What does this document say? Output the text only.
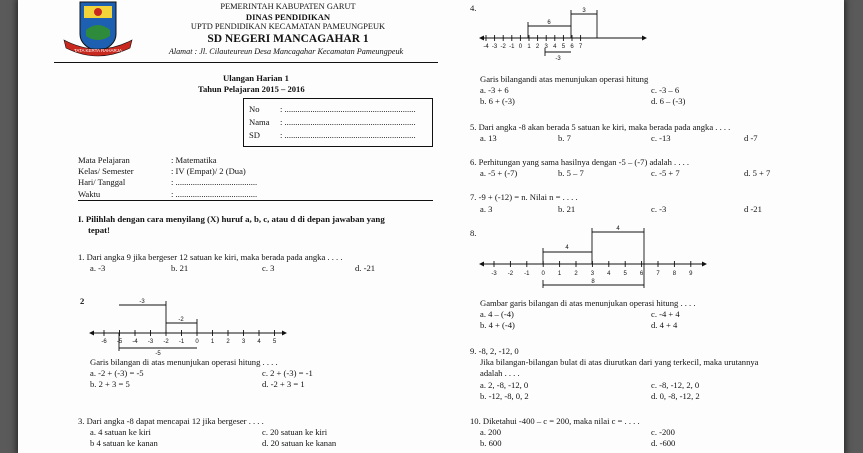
TATA KERTA RAHARJA
PEMERINTAH KABUPATEN GARUT
DINAS PENDIDIKAN
UPTD PENDIDIKAN KECAMATAN PAMEUNGPEUK
SD NEGERI MANCAGAHAR 1
Alamat : Jl. Cilauteureun Desa Mancagahar Kecamatan Pameungpeuk
Ulangan Harian 1
Tahun Pelajaran 2015 – 2016
No : .............................................................
Nama : .............................................................
SD : .............................................................
Mata Pelajaran	: Matematika
Kelas/ Semester	: IV (Empat)/ 2 (Dua)
Hari/ Tanggal	: ......................................
Waktu	: ......................................
I. Pilihlah dengan cara menyilang (X) huruf a, b, c, atau d di depan jawaban yang
tepat!
1. Dari angka 9 jika bergeser 12 satuan ke kiri, maka berada pada angka . . . .
a. -3	b. 21	c. 3	d. -21
2
-6 -5 -4 -3 -2 -1 0 1 2 3 4 5
-3
-2
-5
Garis bilangan di atas menunjukan operasi hitung . . . .
a. -2 + (-3) = -5	c. 2 + (-3) = -1
b. 2 + 3 = 5	d. -2 + 3 = 1
3. Dari angka -8 dapat mencapai 12 jika bergeser . . . .
a. 4 satuan ke kiri	c. 20 satuan ke kiri
b 4 satuan ke kanan	d. 20 satuan ke kanan
4.
-4 -3 -2 -1 0 1 2 3 4 5 6 7
3
6
-3
Garis bilangandi atas menunjukan operasi hitung
a. -3 + 6	c. -3 – 6
b. 6 + (-3)	d. 6 – (-3)
5. Dari angka -8 akan berada 5 satuan ke kiri, maka berada pada angka . . . .
a. 13	b. 7	c. -13	d -7
6. Perhitungan yang sama hasilnya dengan -5 – (-7) adalah . . . .
a. -5 + (-7)	b. 5 – 7	c. -5 + 7	d. 5 + 7
7. -9 + (-12) = n. Nilai n = . . . .
a. 3	b. 21	c. -3	d -21
8.
-3 -2 -1 0 1 2 3 4 5 6 7 8 9
4
4
8
Gambar garis bilangan di atas menunjukan operasi hitung . . . .
a. 4 – (-4)	c. -4 + 4
b. 4 + (-4)	d. 4 + 4
9. -8, 2, -12, 0
Jika bilangan-bilangan bulat di atas diurutkan dari yang terkecil, maka urutannya
adalah . . . .
a. 2, -8, -12, 0	c. -8, -12, 2, 0
b. -12, -8, 0, 2	d. 0, -8, -12, 2
10. Diketahui -400 – c = 200, maka nilai c = . . . .
a. 200	c. -200
b. 600	d. -600
